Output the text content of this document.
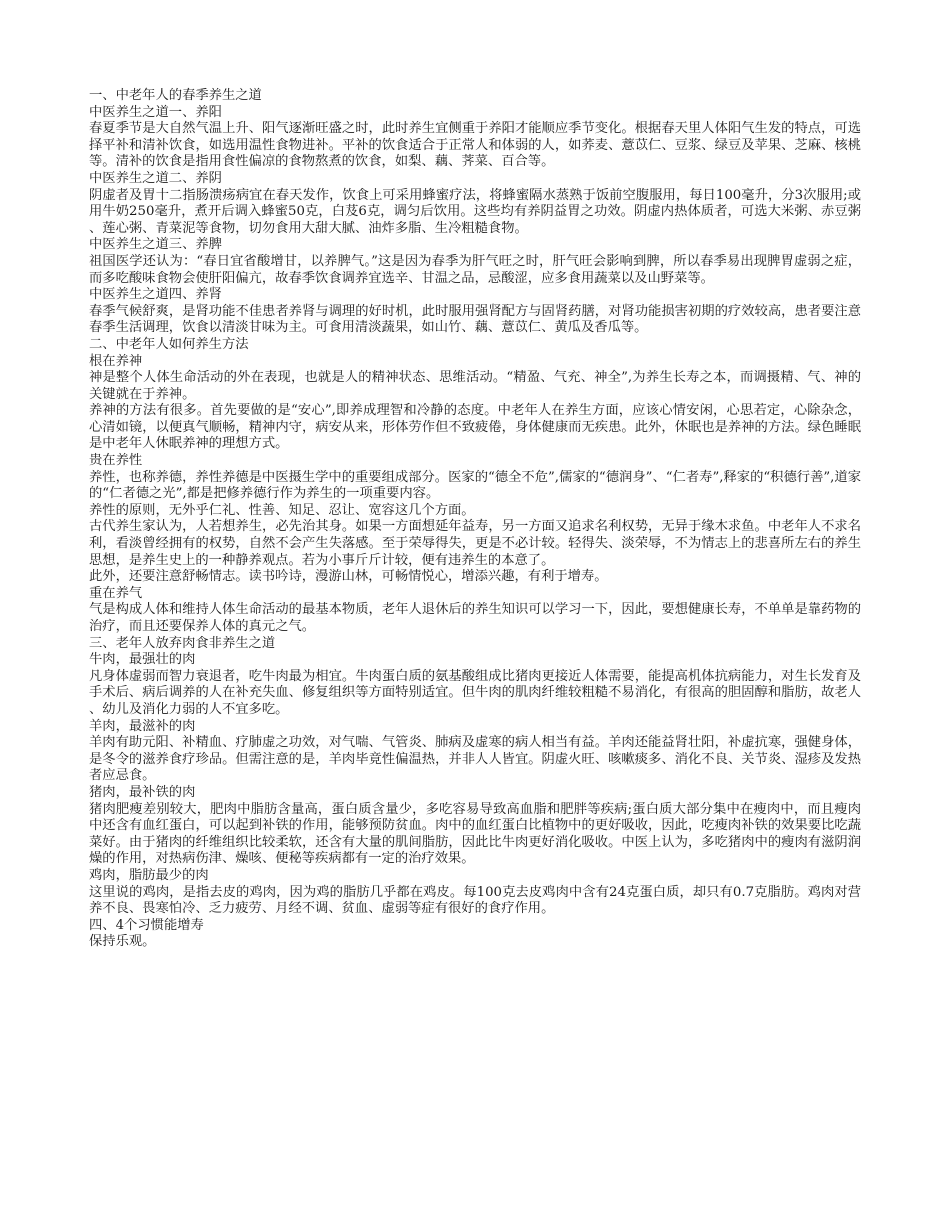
一、中老年人的春季养生之道

中医养生之道一、养阳

春夏季节是大自然气温上升、阳气逐渐旺盛之时，此时养生宜侧重于养阳才能顺应季节变化。根据春天里人体阳气生发的特点，可选择平补和清补饮食，如选用温性食物进补。平补的饮食适合于正常人和体弱的人，如荞麦、薏苡仁、豆浆、绿豆及苹果、芝麻、核桃等。清补的饮食是指用食性偏凉的食物熬煮的饮食，如梨、藕、荠菜、百合等。

中医养生之道二、养阴

阴虚者及胃十二指肠溃疡病宜在春天发作，饮食上可采用蜂蜜疗法，将蜂蜜隔水蒸熟于饭前空腹服用，每日100毫升，分3次服用;或用牛奶250毫升，煮开后调入蜂蜜50克，白芨6克，调匀后饮用。这些均有养阴益胃之功效。阴虚内热体质者，可选大米粥、赤豆粥、莲心粥、青菜泥等食物，切勿食用大甜大腻、油炸多脂、生冷粗糙食物。

中医养生之道三、养脾

祖国医学还认为：“春日宜省酸增甘，以养脾气。”这是因为春季为肝气旺之时，肝气旺会影响到脾，所以春季易出现脾胃虚弱之症，而多吃酸味食物会使肝阳偏亢，故春季饮食调养宜选辛、甘温之品，忌酸涩，应多食用蔬菜以及山野菜等。

中医养生之道四、养肾

春季气候舒爽，是肾功能不佳患者养肾与调理的好时机，此时服用强肾配方与固肾药膳，对肾功能损害初期的疗效较高，患者要注意春季生活调理，饮食以清淡甘味为主。可食用清淡蔬果，如山竹、藕、薏苡仁、黄瓜及香瓜等。

二、中老年人如何养生方法

根在养神

神是整个人体生命活动的外在表现，也就是人的精神状态、思维活动。“精盈、气充、神全”,为养生长寿之本，而调摄精、气、神的关键就在于养神。

养神的方法有很多。首先要做的是“安心”,即养成理智和冷静的态度。中老年人在养生方面，应该心情安闲，心思若定，心除杂念，心清如镜，以便真气顺畅，精神内守，病安从来，形体劳作但不致疲倦，身体健康而无疾患。此外，休眠也是养神的方法。绿色睡眠是中老年人休眠养神的理想方式。

贵在养性

养性，也称养德，养性养德是中医摄生学中的重要组成部分。医家的“德全不危”,儒家的“德润身”、“仁者寿”,释家的“积德行善”,道家的“仁者德之光”,都是把修养德行作为养生的一项重要内容。

养性的原则，无外乎仁礼、性善、知足、忍让、宽容这几个方面。

古代养生家认为，人若想养生，必先治其身。如果一方面想延年益寿，另一方面又追求名利权势，无异于缘木求鱼。中老年人不求名利，看淡曾经拥有的权势，自然不会产生失落感。至于荣辱得失，更是不必计较。轻得失、淡荣辱，不为情志上的悲喜所左右的养生思想，是养生史上的一种静养观点。若为小事斤斤计较，便有违养生的本意了。

此外，还要注意舒畅情志。读书吟诗，漫游山林，可畅情悦心，增添兴趣，有利于增寿。

重在养气

气是构成人体和维持人体生命活动的最基本物质，老年人退休后的养生知识可以学习一下，因此，要想健康长寿，不单单是靠药物的治疗，而且还要保养人体的真元之气。

三、老年人放弃肉食非养生之道

牛肉，最强壮的肉

凡身体虚弱而智力衰退者，吃牛肉最为相宜。牛肉蛋白质的氨基酸组成比猪肉更接近人体需要，能提高机体抗病能力，对生长发育及手术后、病后调养的人在补充失血、修复组织等方面特别适宜。但牛肉的肌肉纤维较粗糙不易消化，有很高的胆固醇和脂肪，故老人、幼儿及消化力弱的人不宜多吃。

羊肉，最滋补的肉

羊肉有助元阳、补精血、疗肺虚之功效，对气喘、气管炎、肺病及虚寒的病人相当有益。羊肉还能益肾壮阳，补虚抗寒，强健身体，是冬令的滋养食疗珍品。但需注意的是，羊肉毕竟性偏温热，并非人人皆宜。阴虚火旺、咳嗽痰多、消化不良、关节炎、湿疹及发热者应忌食。

猪肉，最补铁的肉

猪肉肥瘦差别较大，肥肉中脂肪含量高，蛋白质含量少，多吃容易导致高血脂和肥胖等疾病;蛋白质大部分集中在瘦肉中，而且瘦肉中还含有血红蛋白，可以起到补铁的作用，能够预防贫血。肉中的血红蛋白比植物中的更好吸收，因此，吃瘦肉补铁的效果要比吃蔬菜好。由于猪肉的纤维组织比较柔软，还含有大量的肌间脂肪，因此比牛肉更好消化吸收。中医上认为，多吃猪肉中的瘦肉有滋阴润燥的作用，对热病伤津、燥咳、便秘等疾病都有一定的治疗效果。

鸡肉，脂肪最少的肉

这里说的鸡肉，是指去皮的鸡肉，因为鸡的脂肪几乎都在鸡皮。每100克去皮鸡肉中含有24克蛋白质，却只有0.7克脂肪。鸡肉对营养不良、畏寒怕冷、乏力疲劳、月经不调、贫血、虚弱等症有很好的食疗作用。

四、4个习惯能增寿

保持乐观。
